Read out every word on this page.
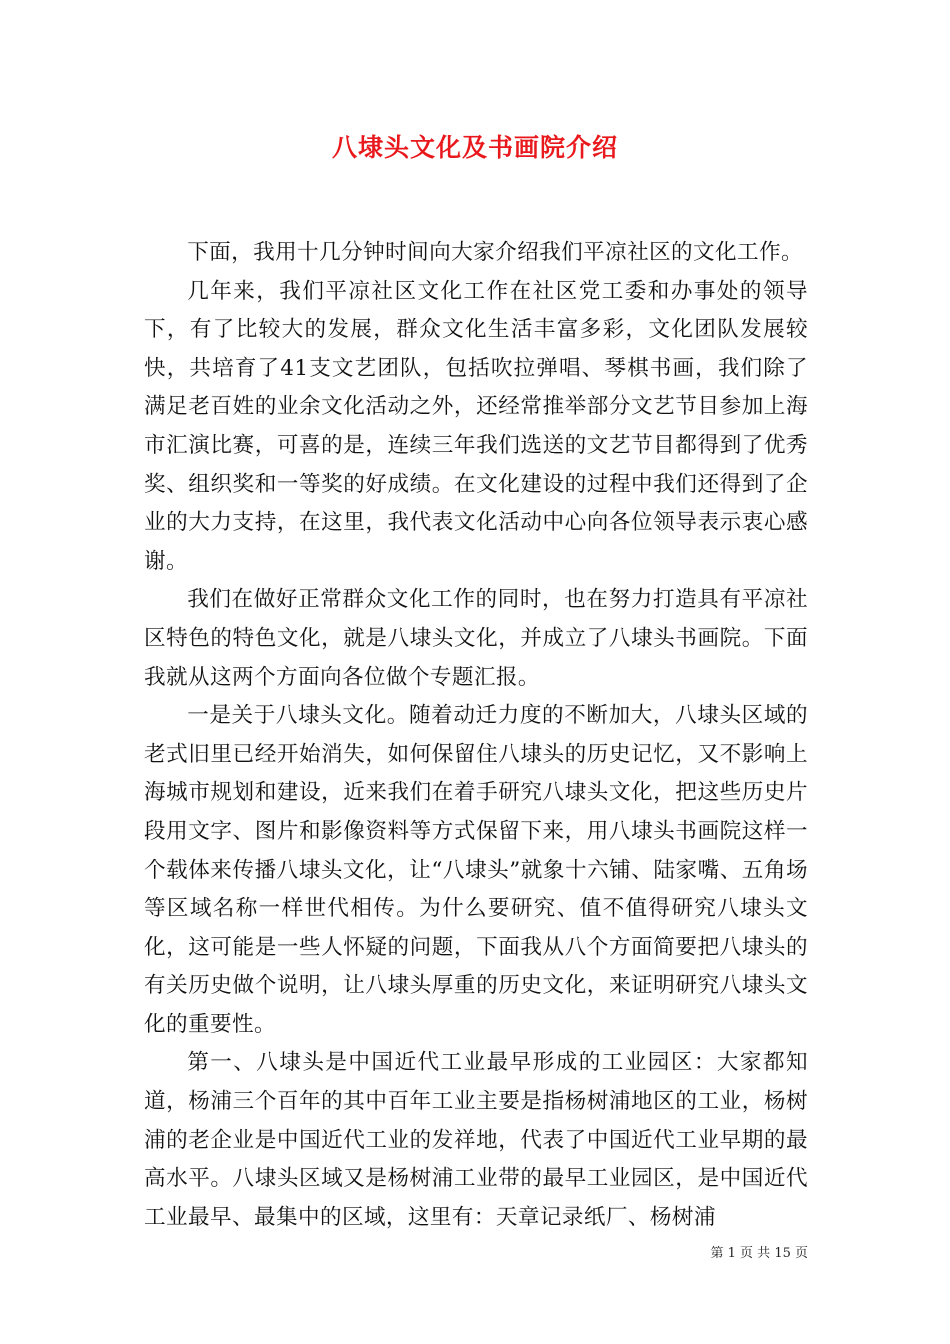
八埭头文化及书画院介绍

下面，我用十几分钟时间向大家介绍我们平凉社区的文化工作。

几年来，我们平凉社区文化工作在社区党工委和办事处的领导下，有了比较大的发展，群众文化生活丰富多彩，文化团队发展较快，共培育了41支文艺团队，包括吹拉弹唱、琴棋书画，我们除了满足老百姓的业余文化活动之外，还经常推举部分文艺节目参加上海市汇演比赛，可喜的是，连续三年我们选送的文艺节目都得到了优秀奖、组织奖和一等奖的好成绩。在文化建设的过程中我们还得到了企业的大力支持，在这里，我代表文化活动中心向各位领导表示衷心感谢。

我们在做好正常群众文化工作的同时，也在努力打造具有平凉社区特色的特色文化，就是八埭头文化，并成立了八埭头书画院。下面我就从这两个方面向各位做个专题汇报。

一是关于八埭头文化。随着动迁力度的不断加大，八埭头区域的老式旧里已经开始消失，如何保留住八埭头的历史记忆，又不影响上海城市规划和建设，近来我们在着手研究八埭头文化，把这些历史片段用文字、图片和影像资料等方式保留下来，用八埭头书画院这样一个载体来传播八埭头文化，让“八埭头”就象十六铺、陆家嘴、五角场等区域名称一样世代相传。为什么要研究、值不值得研究八埭头文化，这可能是一些人怀疑的问题，下面我从八个方面简要把八埭头的有关历史做个说明，让八埭头厚重的历史文化，来证明研究八埭头文化的重要性。

第一、八埭头是中国近代工业最早形成的工业园区：大家都知道，杨浦三个百年的其中百年工业主要是指杨树浦地区的工业，杨树浦的老企业是中国近代工业的发祥地，代表了中国近代工业早期的最高水平。八埭头区域又是杨树浦工业带的最早工业园区，是中国近代工业最早、最集中的区域，这里有：天章记录纸厂、杨树浦

第 1 页 共 15 页
